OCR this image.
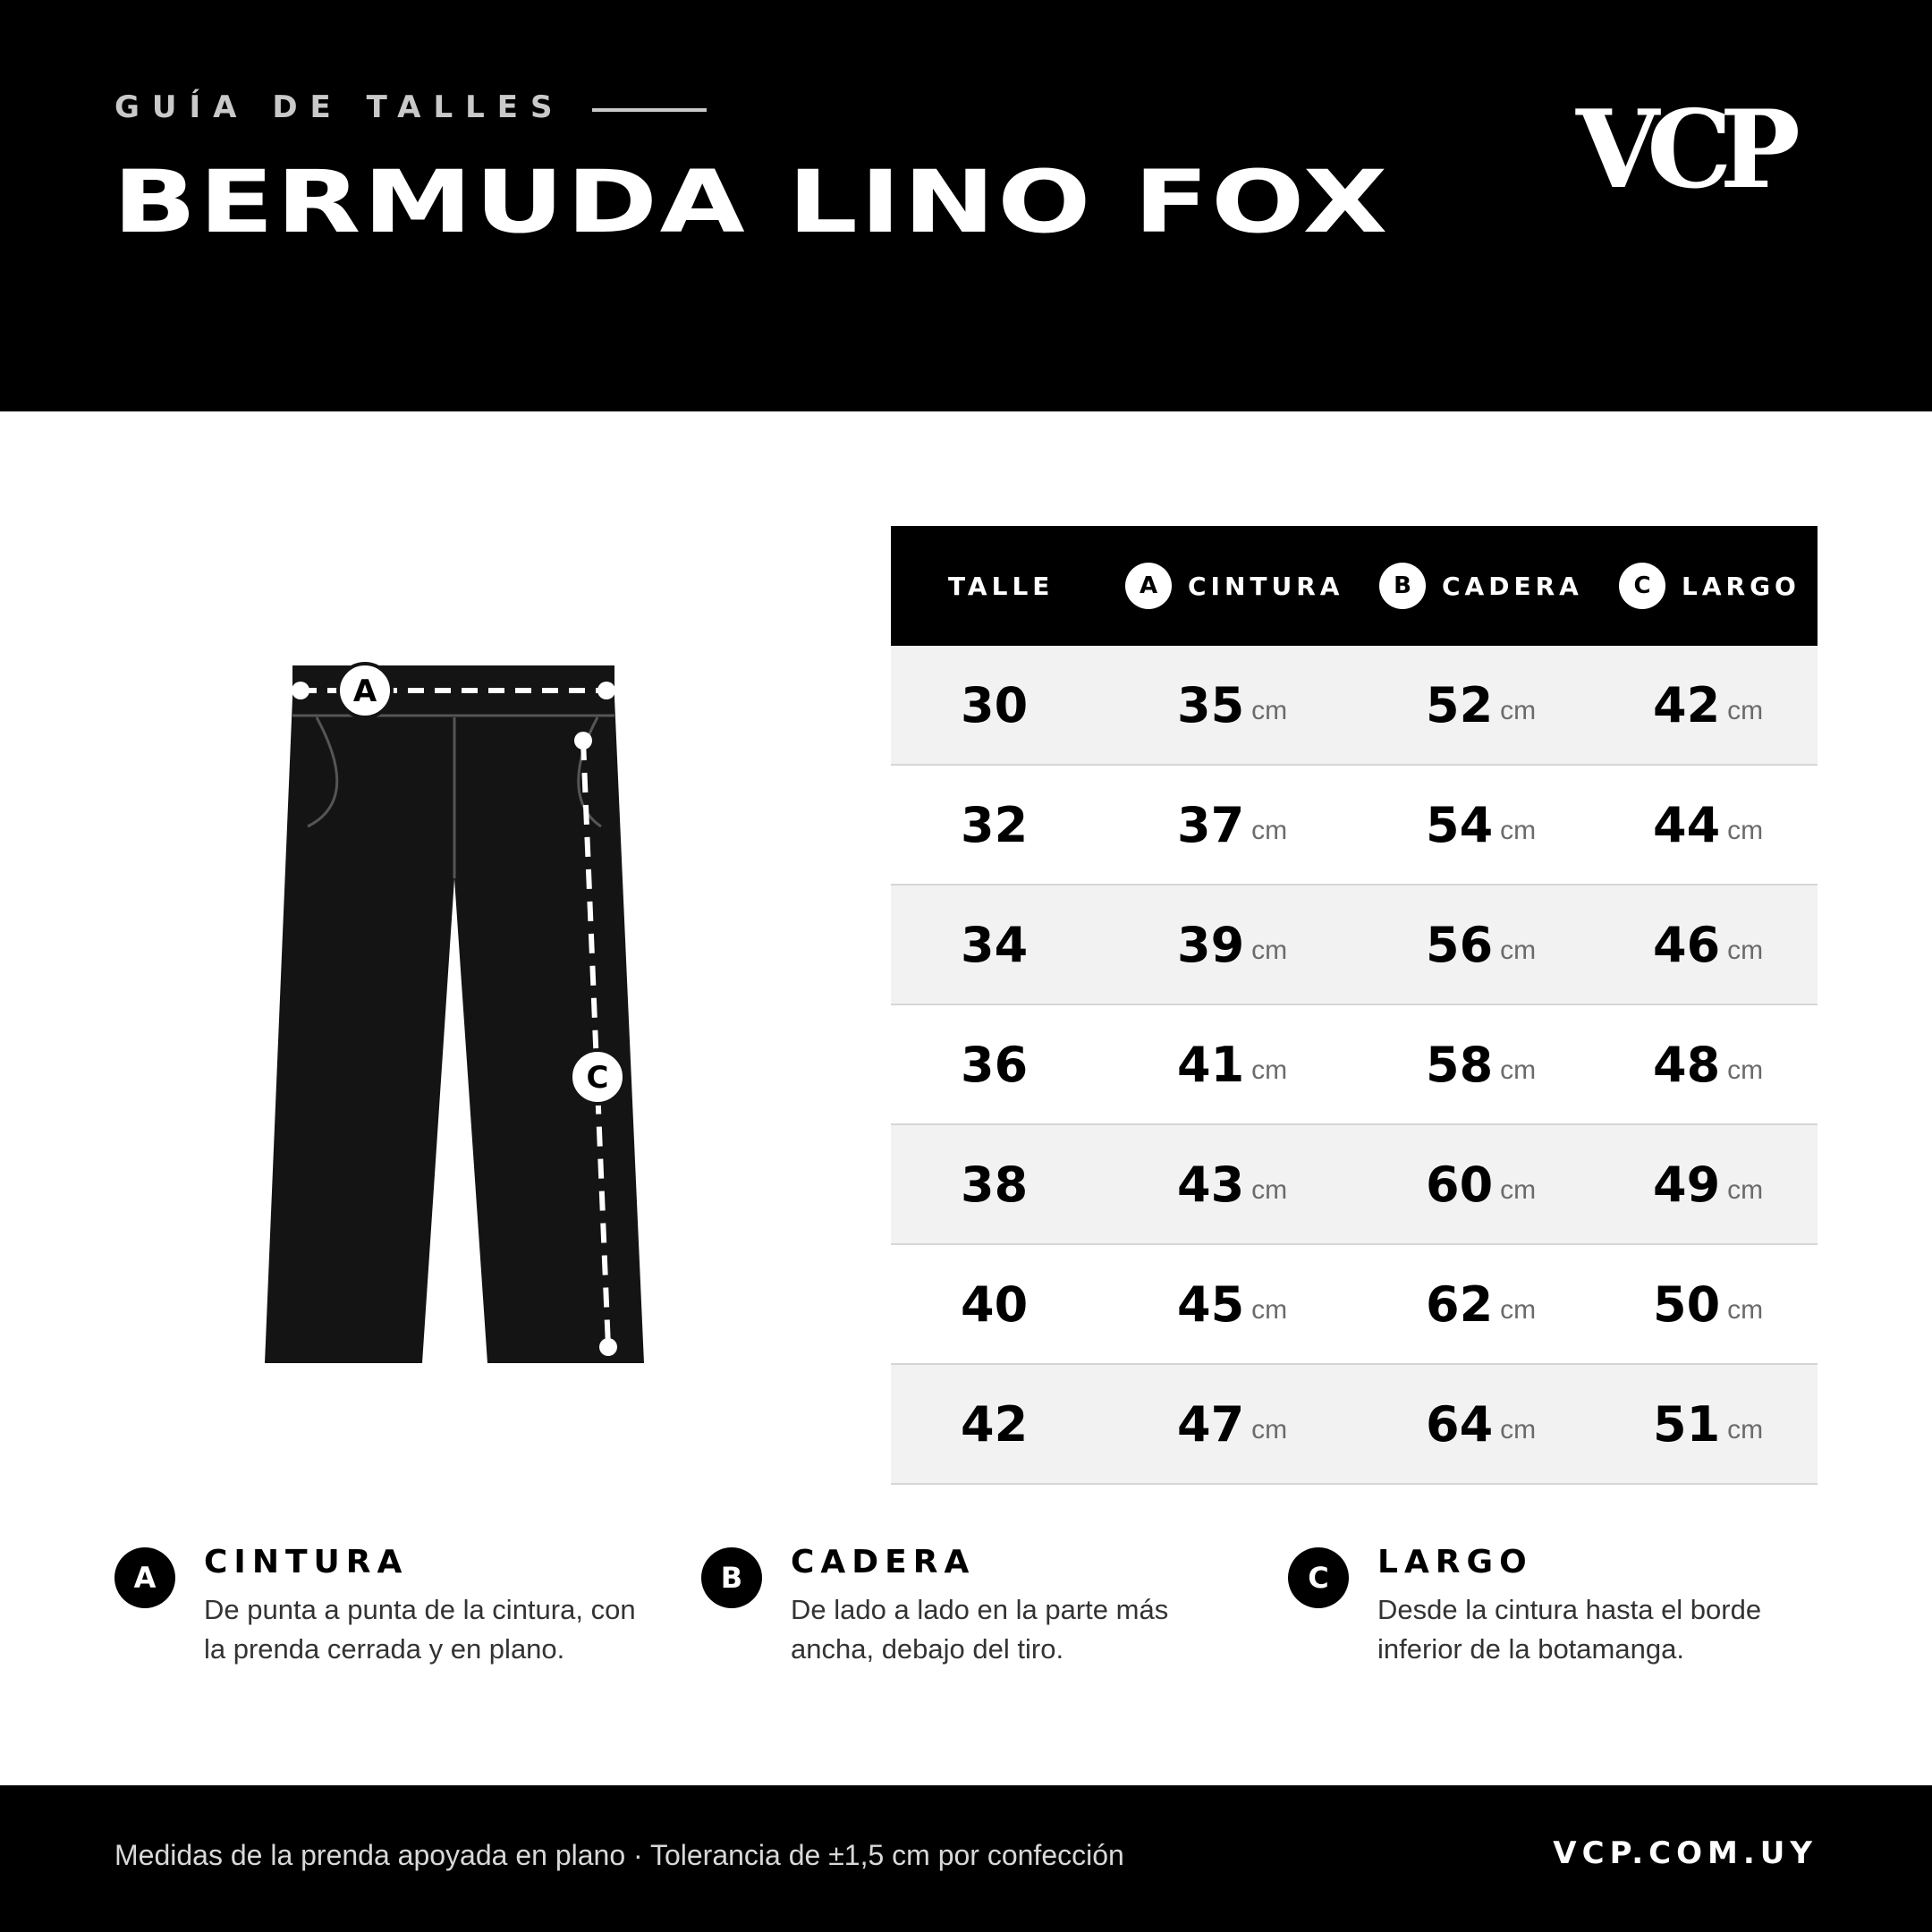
GUÍA DE TALLES
BERMUDA LINO FOX VCP
A
C
TALLE	A	CINTURA	B	CADERA	C	LARGO
30	35 cm	52 cm 42 cm
32	37 cm	54 cm 44 cm
34	39 cm	56 cm 46 cm
36	41 cm	58 cm 48 cm
38	43 cm	60 cm 49 cm
40	45 cm	62 cm 50 cm
42	47 cm	64 cm 51 cm
A	CINTURA
De punta a punta de la cintura, con la prenda cerrada y en plano.
B	CADERA
De lado a lado en la parte más ancha, debajo del tiro.
C	LARGO
Desde la cintura hasta el borde inferior de la botamanga.
Medidas de la prenda apoyada en plano · Tolerancia de ±1,5 cm por confección	VCP.COM.UY
